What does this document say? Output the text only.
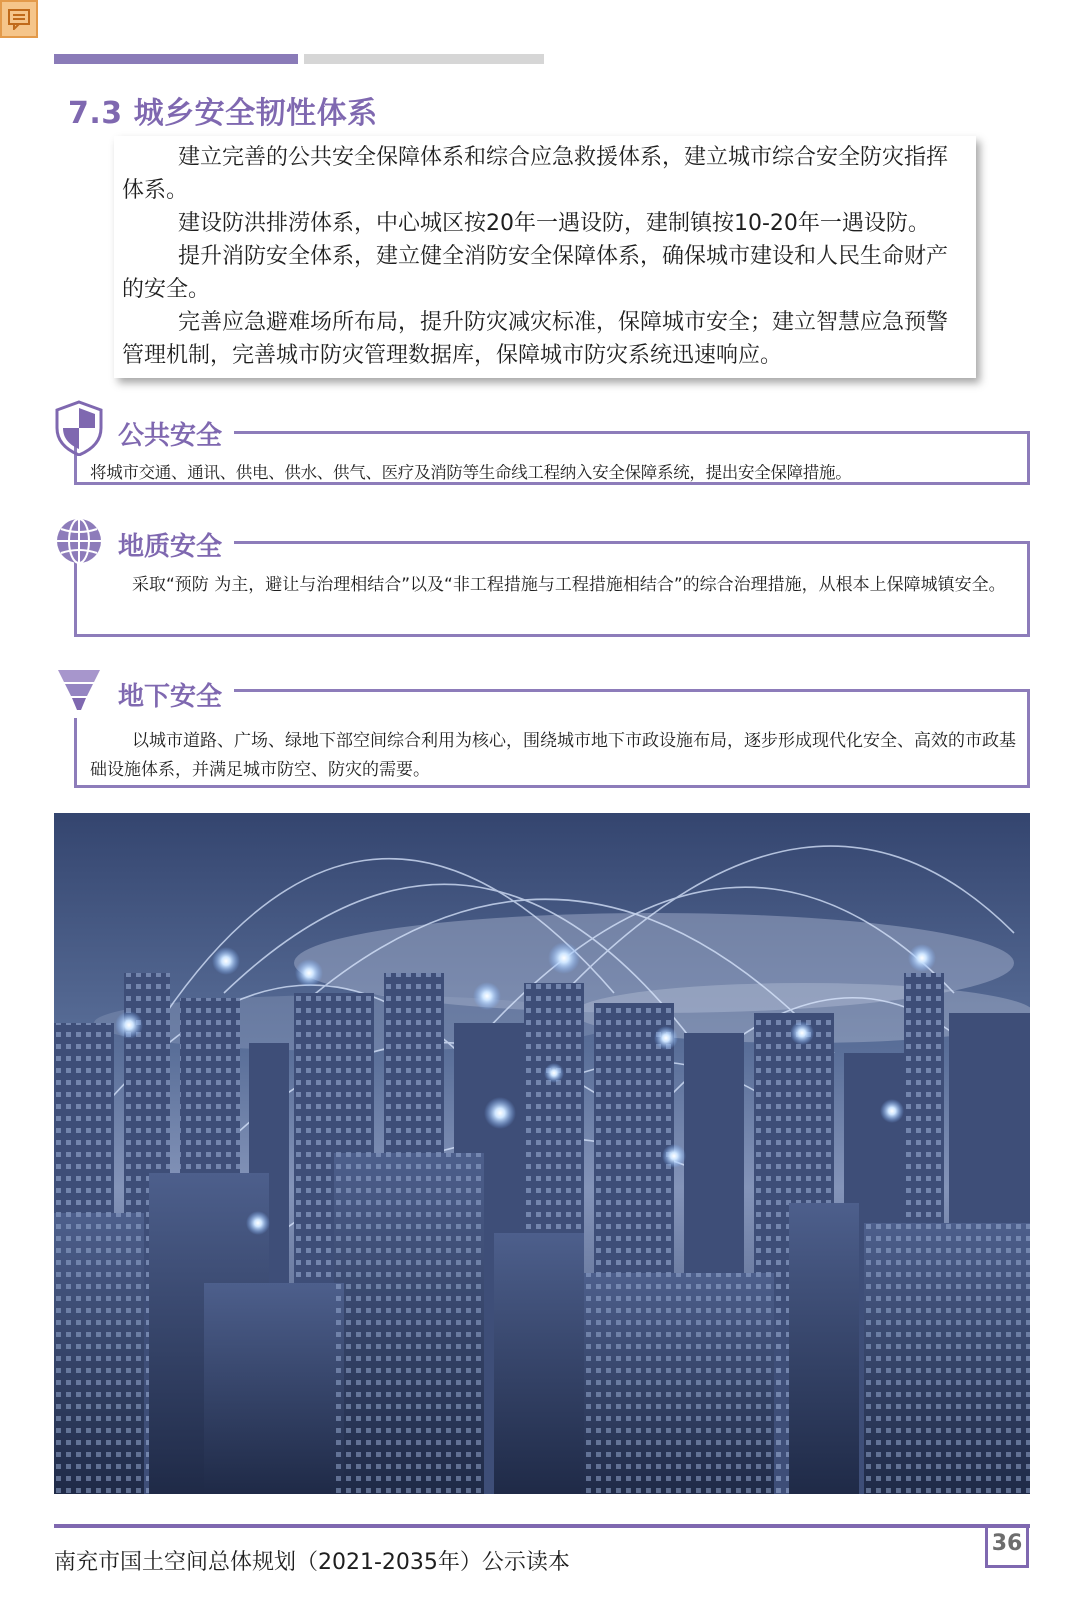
7.3 城乡安全韧性体系

建立完善的公共安全保障体系和综合应急救援体系，建立城市综合安全防灾指挥体系。

建设防洪排涝体系，中心城区按20年一遇设防，建制镇按10-20年一遇设防。

提升消防安全体系，建立健全消防安全保障体系，确保城市建设和人民生命财产的安全。

完善应急避难场所布局，提升防灾减灾标准，保障城市安全；建立智慧应急预警管理机制，完善城市防灾管理数据库，保障城市防灾系统迅速响应。

公共安全
将城市交通、通讯、供电、供水、供气、医疗及消防等生命线工程纳入安全保障系统，提出安全保障措施。
地质安全
采取“预防 为主，避让与治理相结合”以及“非工程措施与工程措施相结合”的综合治理措施，从根本上保障城镇安全。
地下安全
以城市道路、广场、绿地下部空间综合利用为核心，围绕城市地下市政设施布局，逐步形成现代化安全、高效的市政基础设施体系，并满足城市防空、防灾的需要。
南充市国土空间总体规划（2021-2035年）公示读本
36
